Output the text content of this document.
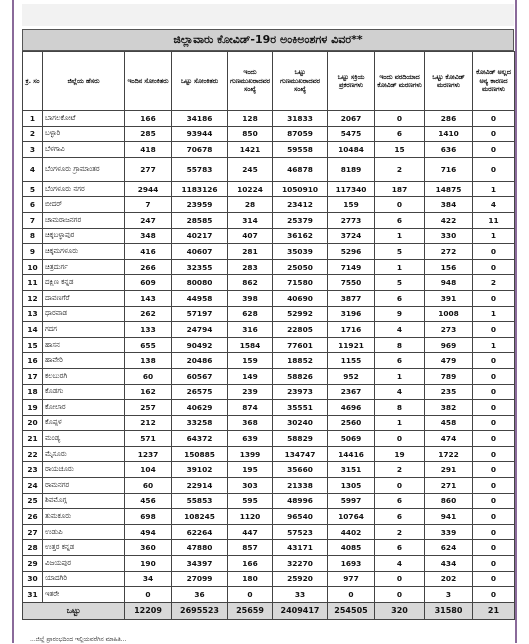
ಜಿಲ್ಲಾವಾರು ಕೋವಿಡ್-19ರ ಅಂಕಿಅಂಶಗಳ ವಿವರ**
ಕ್ರ. ಸಂ	ಜಿಲ್ಲೆಯ ಹೆಸರು	ಇಂದಿನ ಸೋಂಕಿತರು	ಒಟ್ಟು ಸೋಂಕಿತರು	ಇಂದು ಗುಣಮುಖರಾದವರ ಸಂಖ್ಯೆ	ಒಟ್ಟು ಗುಣಮುಖರಾದವರ ಸಂಖ್ಯೆ	ಒಟ್ಟು ಸಕ್ರಿಯ ಪ್ರಕರಣಗಳು	ಇಂದು ವರದಿಯಾದ ಕೋವಿಡ್ ಮರಣಗಳು	ಒಟ್ಟು ಕೋವಿಡ್ ಮರಣಗಳು	ಕೋವಿಡ್ ಅಲ್ಲದ ಅನ್ಯ ಕಾರಣದ ಮರಣಗಳು
1	ಬಾಗಲಕೋಟೆ	166	34186	128	31833	2067	0	286	0
2	ಬಳ್ಳಾರಿ	285	93944	850	87059	5475	6	1410	0
3	ಬೆಳಗಾವಿ	418	70678	1421	59558	10484	15	636	0
4	ಬೆಂಗಳೂರು ಗ್ರಾಮಾಂತರ	277	55783	245	46878	8189	2	716	0
5	ಬೆಂಗಳೂರು ನಗರ	2944	1183126	10224	1050910	117340	187	14875	1
6	ಬೀದರ್	7	23959	28	23412	159	0	384	4
7	ಚಾಮರಾಜನಗರ	247	28585	314	25379	2773	6	422	11
8	ಚಿಕ್ಕಬಳ್ಳಾಪುರ	348	40217	407	36162	3724	1	330	1
9	ಚಿಕ್ಕಮಗಳೂರು	416	40607	281	35039	5296	5	272	0
10	ಚಿತ್ರದುರ್ಗ	266	32355	283	25050	7149	1	156	0
11	ದಕ್ಷಿಣ ಕನ್ನಡ	609	80080	862	71580	7550	5	948	2
12	ದಾವಣಗೆರೆ	143	44958	398	40690	3877	6	391	0
13	ಧಾರವಾಡ	262	57197	628	52992	3196	9	1008	1
14	ಗದಗ	133	24794	316	22805	1716	4	273	0
15	ಹಾಸನ	655	90492	1584	77601	11921	8	969	1
16	ಹಾವೇರಿ	138	20486	159	18852	1155	6	479	0
17	ಕಲಬುರಗಿ	60	60567	149	58826	952	1	789	0
18	ಕೊಡಗು	162	26575	239	23973	2367	4	235	0
19	ಕೋಲಾರ	257	40629	874	35551	4696	8	382	0
20	ಕೊಪ್ಪಳ	212	33258	368	30240	2560	1	458	0
21	ಮಂಡ್ಯ	571	64372	639	58829	5069	0	474	0
22	ಮೈಸೂರು	1237	150885	1399	134747	14416	19	1722	0
23	ರಾಯಚೂರು	104	39102	195	35660	3151	2	291	0
24	ರಾಮನಗರ	60	22914	303	21338	1305	0	271	0
25	ಶಿವಮೊಗ್ಗ	456	55853	595	48996	5997	6	860	0
26	ತುಮಕೂರು	698	108245	1120	96540	10764	6	941	0
27	ಉಡುಪಿ	494	62264	447	57523	4402	2	339	0
28	ಉತ್ತರ ಕನ್ನಡ	360	47880	857	43171	4085	6	624	0
29	ವಿಜಯಪುರ	190	34397	166	32270	1693	4	434	0
30	ಯಾದಗಿರಿ	34	27099	180	25920	977	0	202	0
31	ಇತರೇ	0	36	0	33	0	0	3	0
ಒಟ್ಟು		12209	2695523	25659	2409417	254505	320	31580	21
...ಜಿಲ್ಲೆ ಪ್ರಾರಂಭದಿಂದ ಇಲ್ಲಿಯವರೆಗಿನ ಮಾಹಿತಿ...
